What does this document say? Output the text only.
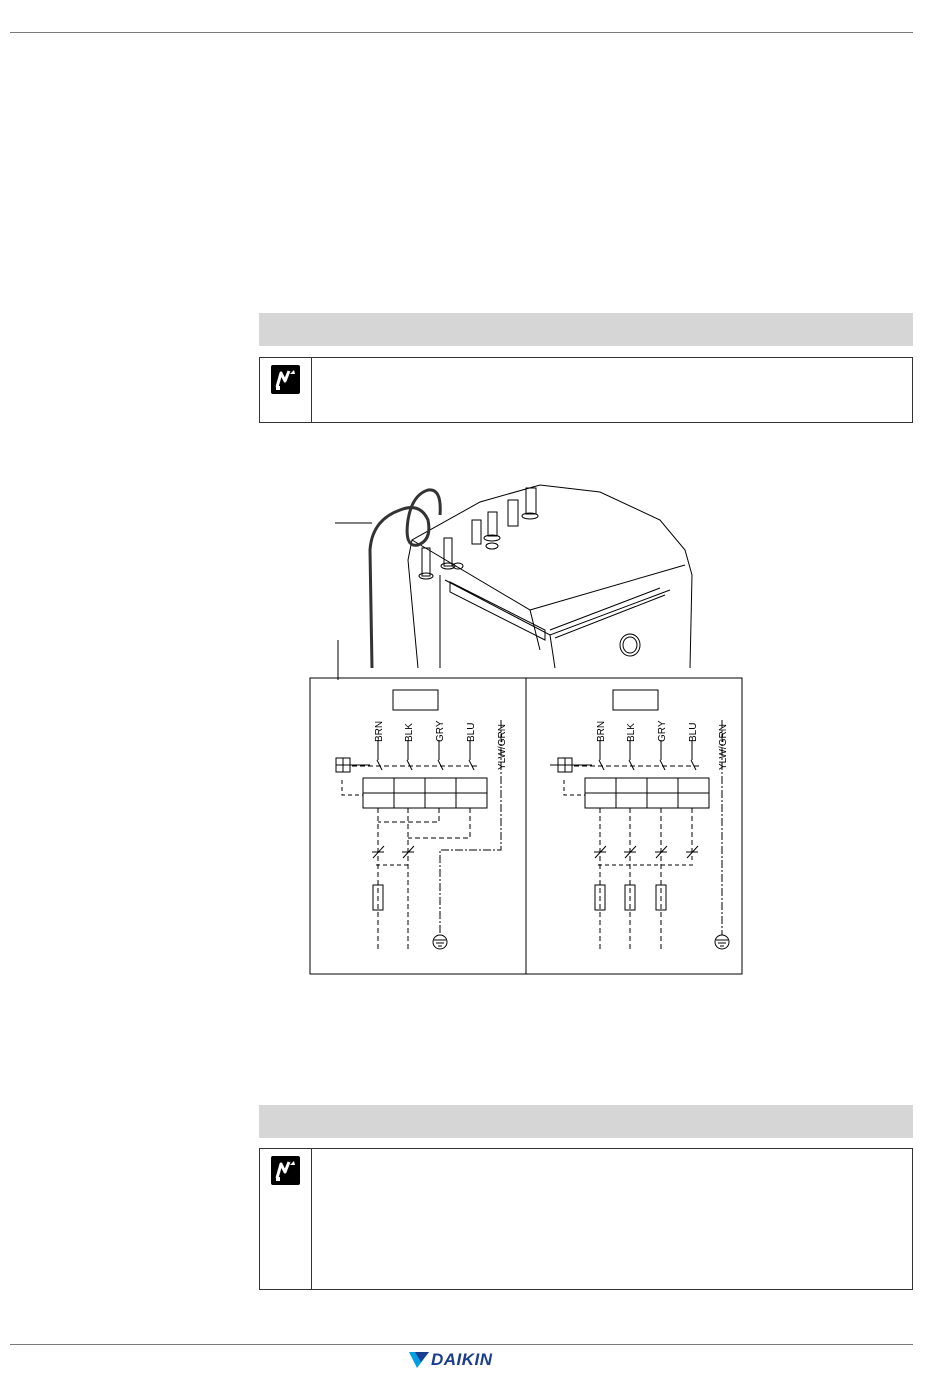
BRN BLK GRY BLU YLW/GRN	BRN BLK GRY BLU YLW/GRN
DAIKIN
